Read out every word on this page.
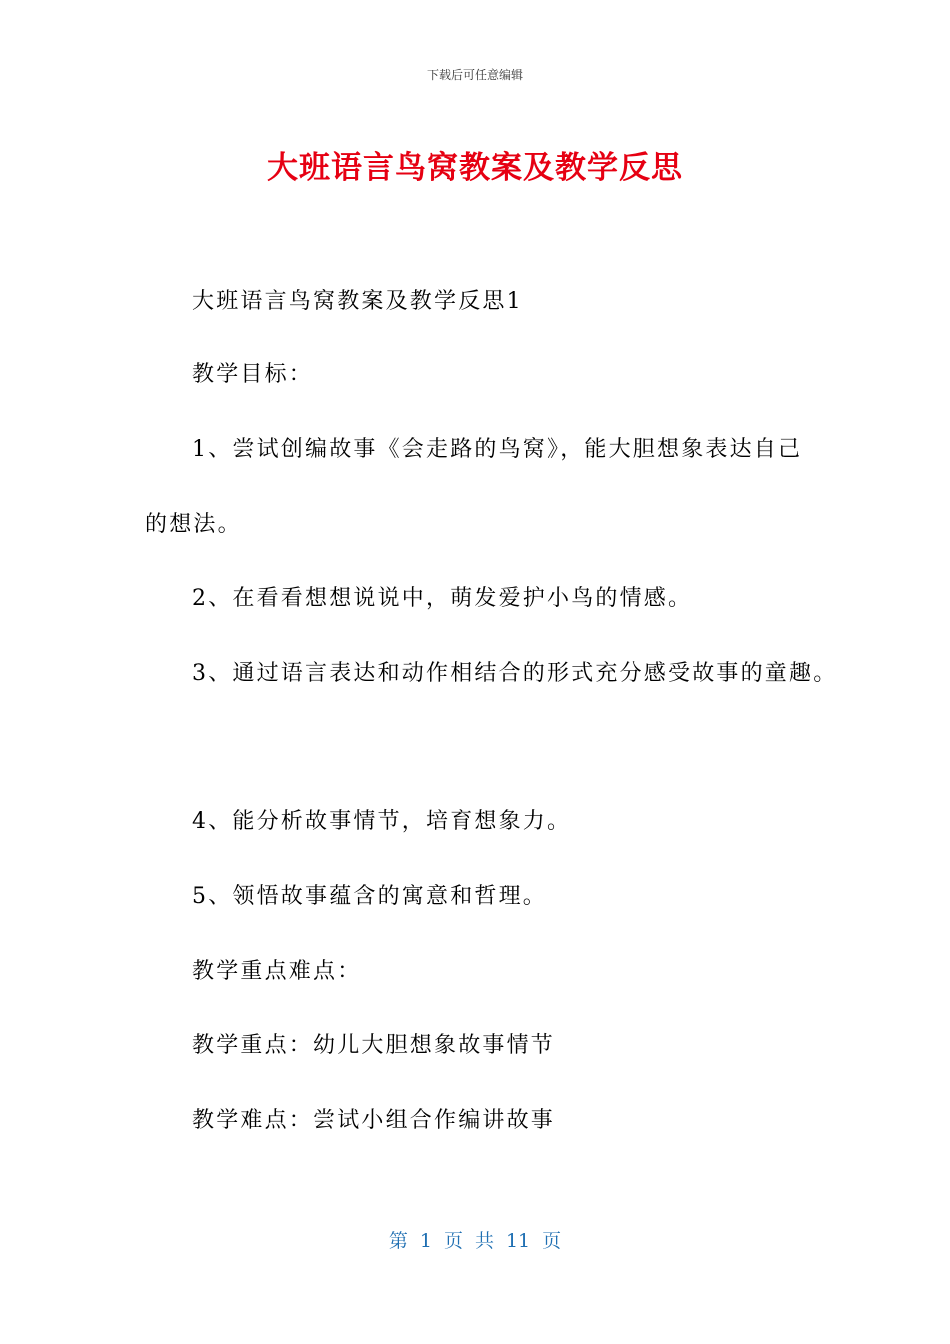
下载后可任意编辑
大班语言鸟窝教案及教学反思
大班语言鸟窝教案及教学反思1
教学目标：
1、尝试创编故事《会走路的鸟窝》，能大胆想象表达自己
的想法。
2、在看看想想说说中，萌发爱护小鸟的情感。
3、通过语言表达和动作相结合的形式充分感受故事的童趣。
4、能分析故事情节，培育想象力。
5、领悟故事蕴含的寓意和哲理。
教学重点难点：
教学重点：幼儿大胆想象故事情节
教学难点：尝试小组合作编讲故事
第 1 页 共 11 页
